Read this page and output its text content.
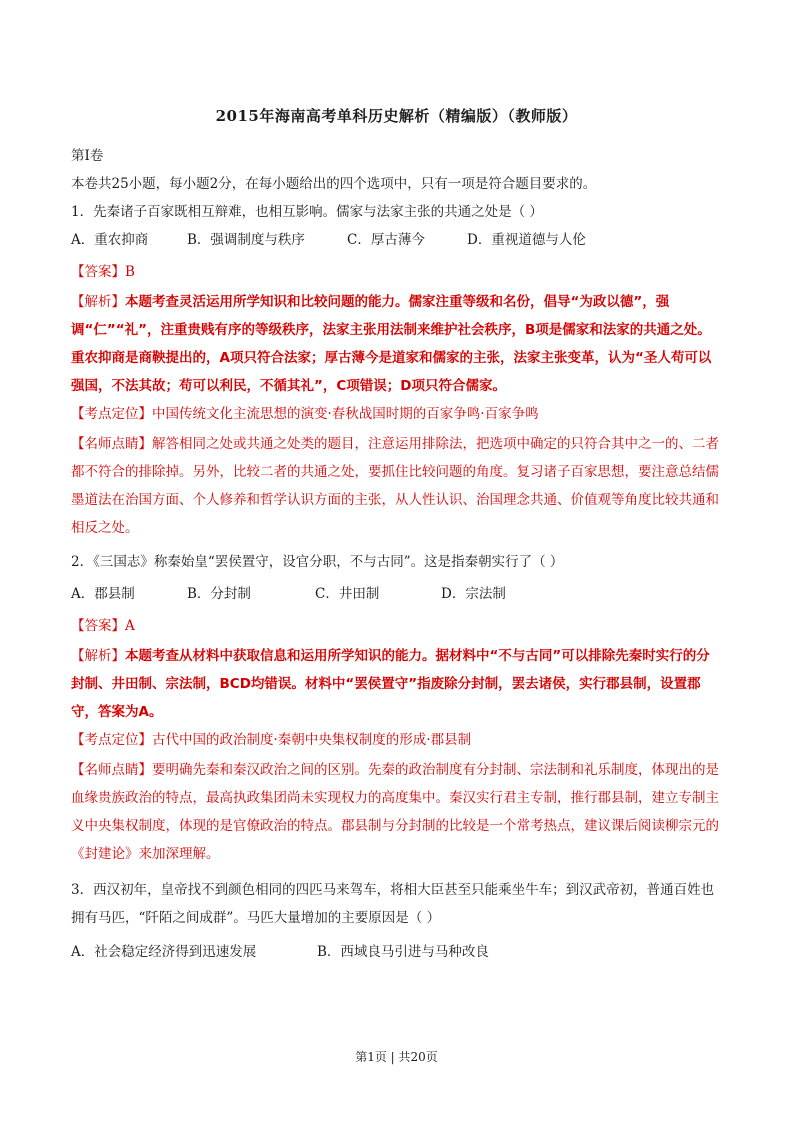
2015年海南高考单科历史解析（精编版）（教师版）

第Ⅰ卷

本卷共25小题，每小题2分，在每小题给出的四个选项中，只有一项是符合题目要求的。

1．先秦诸子百家既相互辩难，也相互影响。儒家与法家主张的共通之处是（ ）

A．重农抑商	B．强调制度与秩序	C．厚古薄今	D．重视道德与人伦

【答案】B

【解析】本题考查灵活运用所学知识和比较问题的能力。儒家注重等级和名份，倡导“为政以德”，强调“仁”“礼”，注重贵贱有序的等级秩序，法家主张用法制来维护社会秩序，B项是儒家和法家的共通之处。重农抑商是商鞅提出的，A项只符合法家；厚古薄今是道家和儒家的主张，法家主张变革，认为“圣人苟可以强国，不法其故；苟可以利民，不循其礼”，C项错误；D项只符合儒家。

【考点定位】中国传统文化主流思想的演变·春秋战国时期的百家争鸣·百家争鸣

【名师点睛】解答相同之处或共通之处类的题目，注意运用排除法，把选项中确定的只符合其中之一的、二者都不符合的排除掉。另外，比较二者的共通之处，要抓住比较问题的角度。复习诸子百家思想，要注意总结儒墨道法在治国方面、个人修养和哲学认识方面的主张，从人性认识、治国理念共通、价值观等角度比较共通和相反之处。

2．《三国志》称秦始皇“罢侯置守，设官分职，不与古同”。这是指秦朝实行了（ ）

A．郡县制	B．分封制	C．井田制	D．宗法制

【答案】A

【解析】本题考查从材料中获取信息和运用所学知识的能力。据材料中“不与古同”可以排除先秦时实行的分封制、井田制、宗法制，BCD均错误。材料中“罢侯置守”指废除分封制，罢去诸侯，实行郡县制，设置郡守，答案为A。

【考点定位】古代中国的政治制度·秦朝中央集权制度的形成·郡县制

【名师点睛】要明确先秦和秦汉政治之间的区别。先秦的政治制度有分封制、宗法制和礼乐制度，体现出的是血缘贵族政治的特点，最高执政集团尚未实现权力的高度集中。秦汉实行君主专制，推行郡县制，建立专制主义中央集权制度，体现的是官僚政治的特点。郡县制与分封制的比较是一个常考热点，建议课后阅读柳宗元的《封建论》来加深理解。

3．西汉初年，皇帝找不到颜色相同的四匹马来驾车，将相大臣甚至只能乘坐牛车；到汉武帝初，普通百姓也拥有马匹，“阡陌之间成群”。马匹大量增加的主要原因是（ ）

A．社会稳定经济得到迅速发展	B．西域良马引进与马种改良

第1页 | 共20页
